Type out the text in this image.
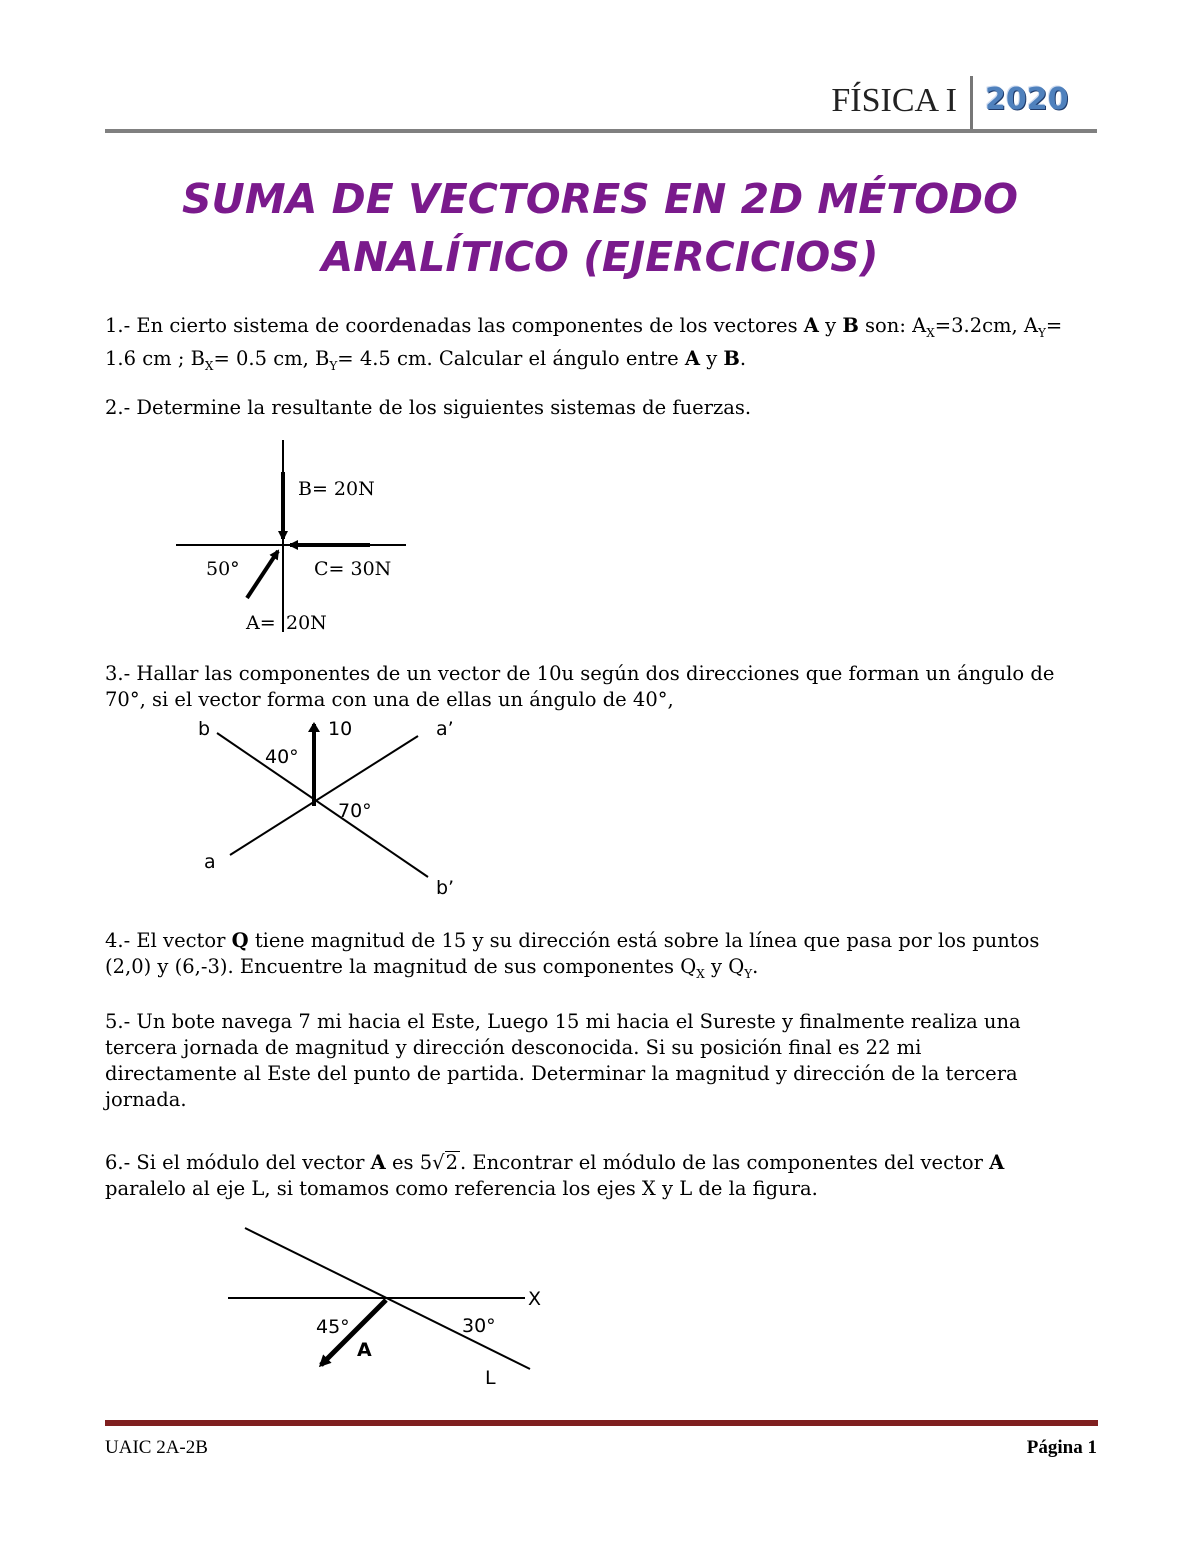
FÍSICA I 2020
SUMA DE VECTORES EN 2D MÉTODO
ANALÍTICO (EJERCICIOS)
1.- En cierto sistema de coordenadas las componentes de los vectores A y B son: $A_X=3.2cm$, $A_Y=$
1.6 cm ; $B_X= 0.5$ cm, $B_Y= 4.5$ cm. Calcular el ángulo entre A y B.
2.- Determine la resultante de los siguientes sistemas de fuerzas.
B= 20N
50°	C= 30N
A= 20N
3.- Hallar las componentes de un vector de 10u según dos direcciones que forman un ángulo de
70°, si el vector forma con una de ellas un ángulo de 40°,
b	10	a’
40°
70°
a
b’
4.- El vector Q tiene magnitud de 15 y su dirección está sobre la línea que pasa por los puntos
(2,0) y (6,-3). Encuentre la magnitud de sus componentes $Q_X$ y $Q_Y$.
5.- Un bote navega 7 mi hacia el Este, Luego 15 mi hacia el Sureste y finalmente realiza una
tercera jornada de magnitud y dirección desconocida. Si su posición final es 22 mi
directamente al Este del punto de partida. Determinar la magnitud y dirección de la tercera
jornada.
6.- Si el módulo del vector A es 5√2 . Encontrar el módulo de las componentes del vector A
paralelo al eje L, si tomamos como referencia los ejes X y L de la figura.
X
45°	30°
A
L
UAIC 2A-2B	Página 1
